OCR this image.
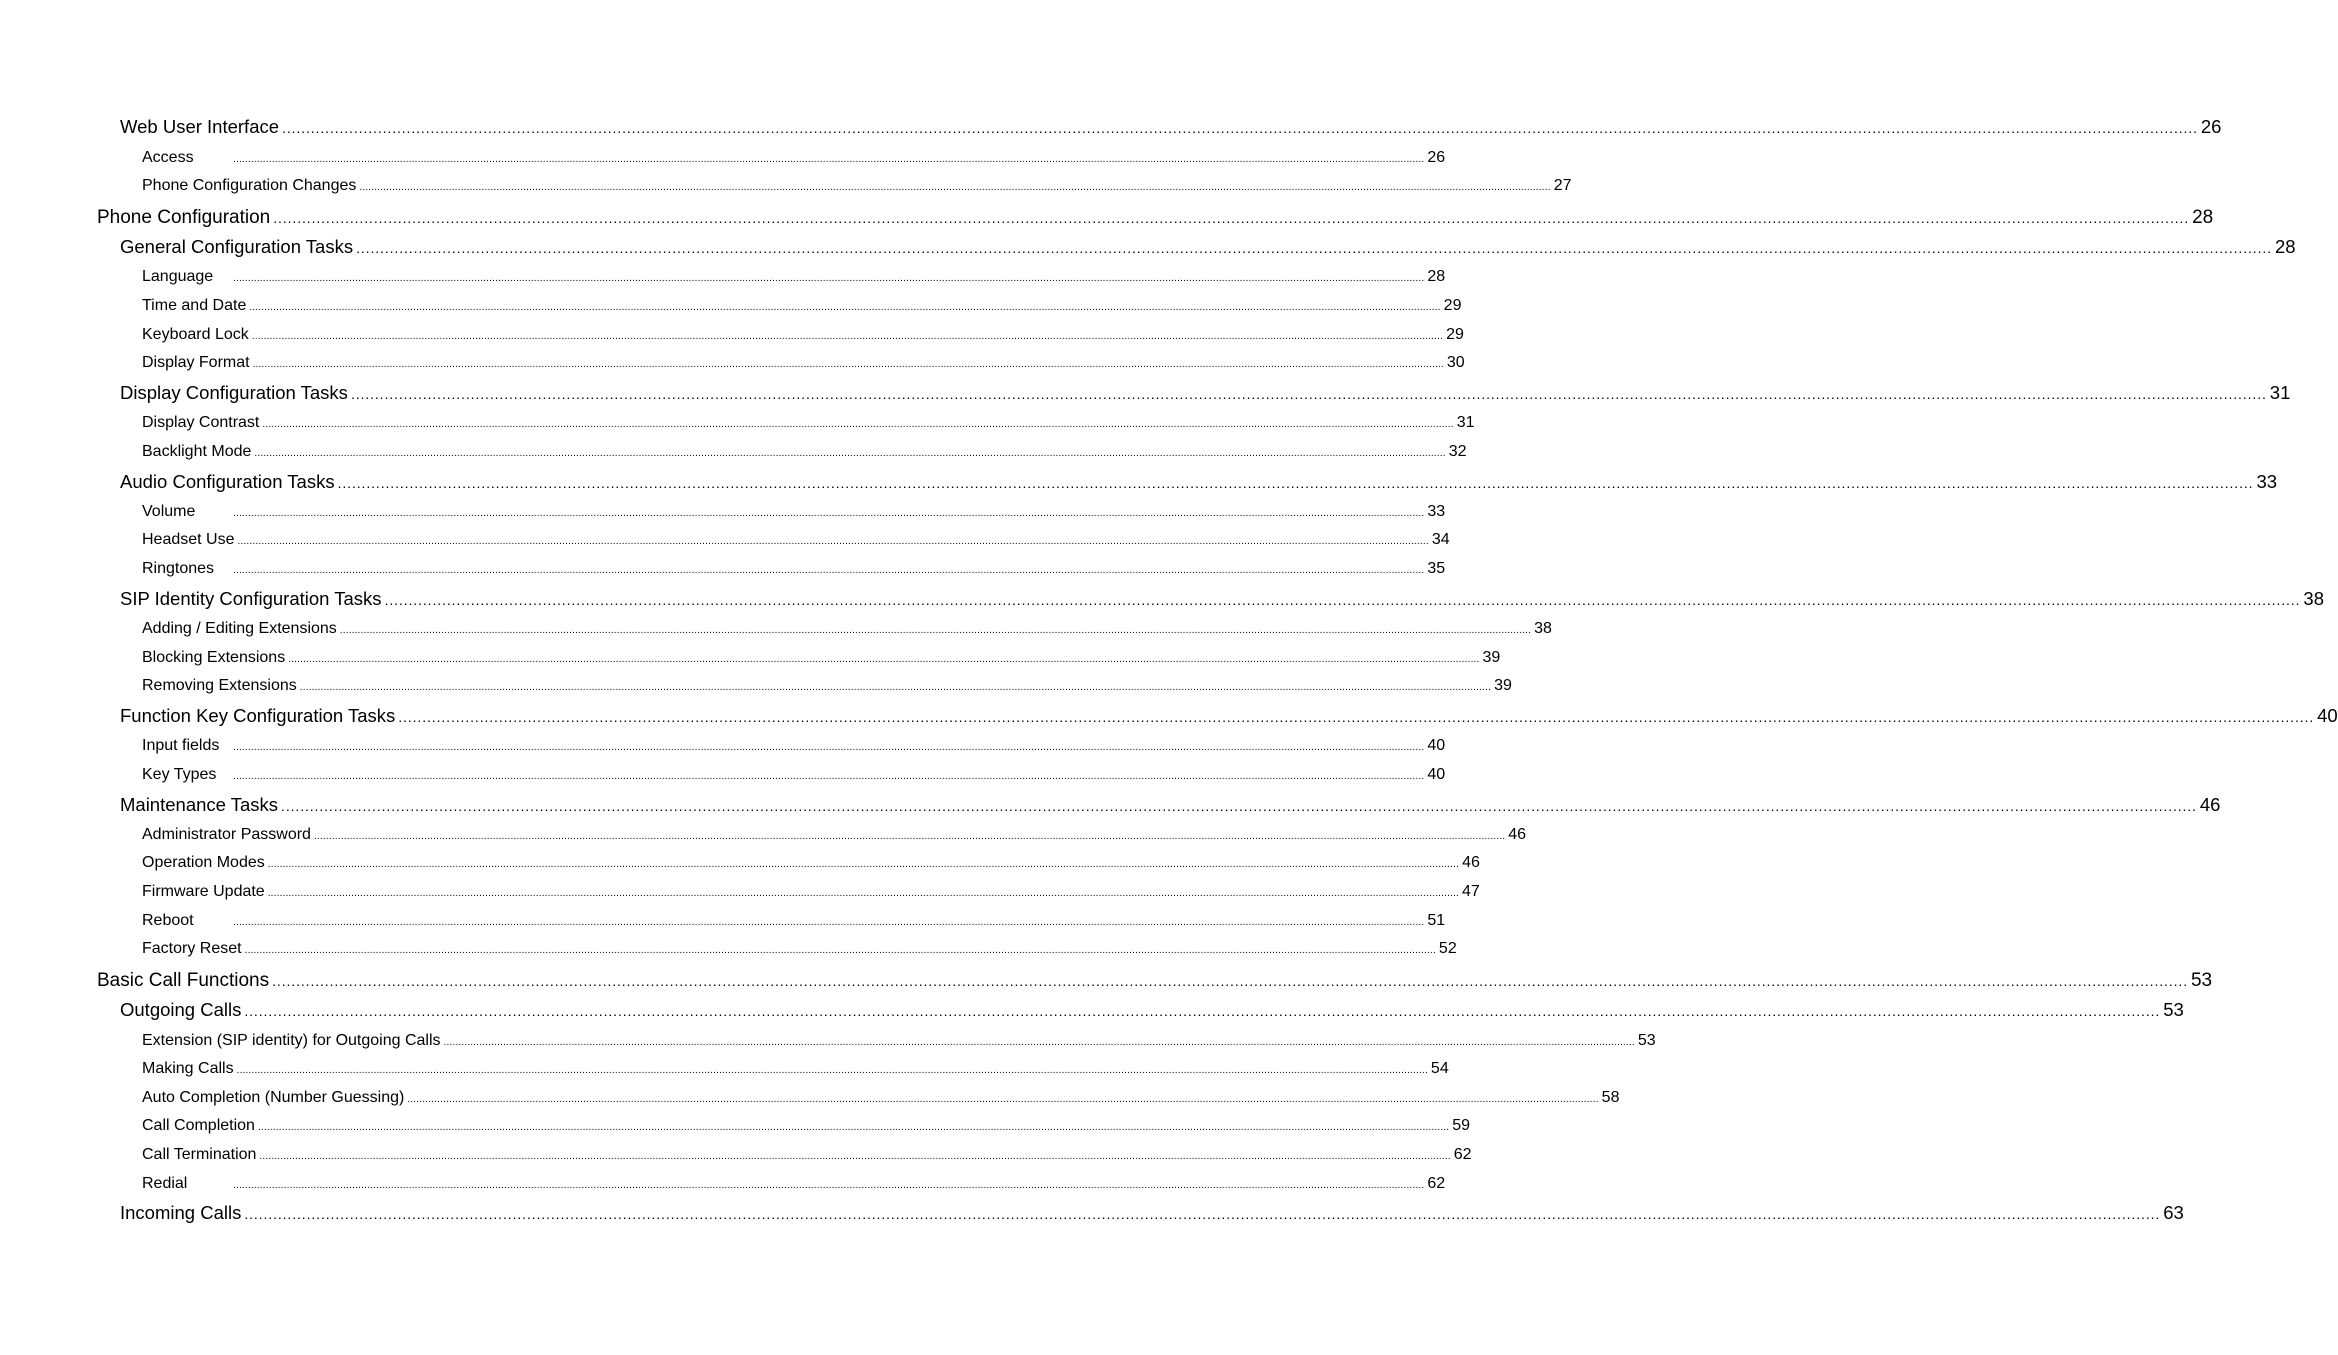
Web User Interface ................................................................................................................................................................................................................................................................................................................................................................................................................ 26
Access	................................................................................................................................................................................................................................................................................................................................................................................................................ 26
Phone Configuration Changes ................................................................................................................................................................................................................................................................................................................................................................................................................ 27
Phone Configuration ................................................................................................................................................................................................................................................................................................................................................................................................................ 28
General Configuration Tasks ................................................................................................................................................................................................................................................................................................................................................................................................................ 28
Language	................................................................................................................................................................................................................................................................................................................................................................................................................ 28
Time and Date ................................................................................................................................................................................................................................................................................................................................................................................................................ 29
Keyboard Lock ................................................................................................................................................................................................................................................................................................................................................................................................................ 29
Display Format ................................................................................................................................................................................................................................................................................................................................................................................................................ 30
Display Configuration Tasks ................................................................................................................................................................................................................................................................................................................................................................................................................ 31
Display Contrast ................................................................................................................................................................................................................................................................................................................................................................................................................ 31
Backlight Mode ................................................................................................................................................................................................................................................................................................................................................................................................................ 32
Audio Configuration Tasks ................................................................................................................................................................................................................................................................................................................................................................................................................ 33
Volume	................................................................................................................................................................................................................................................................................................................................................................................................................ 33
Headset Use ................................................................................................................................................................................................................................................................................................................................................................................................................ 34
Ringtones	................................................................................................................................................................................................................................................................................................................................................................................................................ 35
SIP Identity Configuration Tasks ................................................................................................................................................................................................................................................................................................................................................................................................................ 38
Adding / Editing Extensions ................................................................................................................................................................................................................................................................................................................................................................................................................ 38
Blocking Extensions ................................................................................................................................................................................................................................................................................................................................................................................................................ 39
Removing Extensions ................................................................................................................................................................................................................................................................................................................................................................................................................ 39
Function Key Configuration Tasks ................................................................................................................................................................................................................................................................................................................................................................................................................ 40
Input fields	................................................................................................................................................................................................................................................................................................................................................................................................................ 40
Key Types	................................................................................................................................................................................................................................................................................................................................................................................................................ 40
Maintenance Tasks ................................................................................................................................................................................................................................................................................................................................................................................................................ 46
Administrator Password ................................................................................................................................................................................................................................................................................................................................................................................................................ 46
Operation Modes ................................................................................................................................................................................................................................................................................................................................................................................................................ 46
Firmware Update ................................................................................................................................................................................................................................................................................................................................................................................................................ 47
Reboot	................................................................................................................................................................................................................................................................................................................................................................................................................ 51
Factory Reset ................................................................................................................................................................................................................................................................................................................................................................................................................ 52
Basic Call Functions ................................................................................................................................................................................................................................................................................................................................................................................................................ 53
Outgoing Calls ................................................................................................................................................................................................................................................................................................................................................................................................................ 53
Extension (SIP identity) for Outgoing Calls ................................................................................................................................................................................................................................................................................................................................................................................................................ 53
Making Calls ................................................................................................................................................................................................................................................................................................................................................................................................................ 54
Auto Completion (Number Guessing) ................................................................................................................................................................................................................................................................................................................................................................................................................ 58
Call Completion ................................................................................................................................................................................................................................................................................................................................................................................................................ 59
Call Termination ................................................................................................................................................................................................................................................................................................................................................................................................................ 62
Redial	................................................................................................................................................................................................................................................................................................................................................................................................................ 62
Incoming Calls ................................................................................................................................................................................................................................................................................................................................................................................................................ 63
